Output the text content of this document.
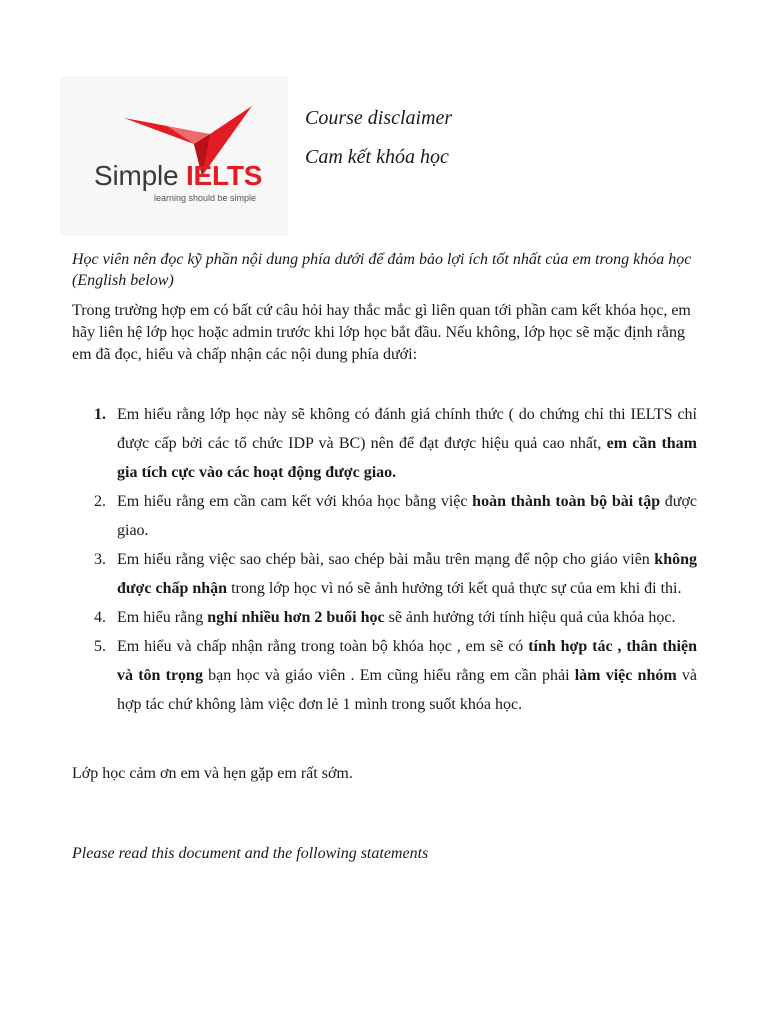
Simple IELTS
learning should be simple
Course disclaimer
Cam kết khóa học

Học viên nên đọc kỹ phần nội dung phía dưới để đảm bảo lợi ích tốt nhất của em trong khóa học (English below)

Trong trường hợp em có bất cứ câu hỏi hay thắc mắc gì liên quan tới phần cam kết khóa học, em hãy liên hệ lớp học hoặc admin trước khi lớp học bắt đầu. Nếu không, lớp học sẽ mặc định rằng em đã đọc, hiểu và chấp nhận các nội dung phía dưới:

1. Em hiểu rằng lớp học này sẽ không có đánh giá chính thức ( do chứng chỉ thi IELTS chỉ được cấp bởi các tổ chức IDP và BC) nên để đạt được hiệu quả cao nhất, em cần tham gia tích cực vào các hoạt động được giao.
2. Em hiểu rằng em cần cam kết với khóa học bằng việc hoàn thành toàn bộ bài tập được giao.
3. Em hiểu rằng việc sao chép bài, sao chép bài mẫu trên mạng để nộp cho giáo viên không được chấp nhận trong lớp học vì nó sẽ ảnh hưởng tới kết quả thực sự của em khi đi thi.
4. Em hiểu rằng nghỉ nhiều hơn 2 buổi học sẽ ảnh hưởng tới tính hiệu quả của khóa học.
5. Em hiểu và chấp nhận rằng trong toàn bộ khóa học , em sẽ có tính hợp tác , thân thiện và tôn trọng bạn học và giáo viên . Em cũng hiểu rằng em cần phải làm việc nhóm và hợp tác chứ không làm việc đơn lẻ 1 mình trong suốt khóa học.

Lớp học cảm ơn em và hẹn gặp em rất sớm.

Please read this document and the following statements
